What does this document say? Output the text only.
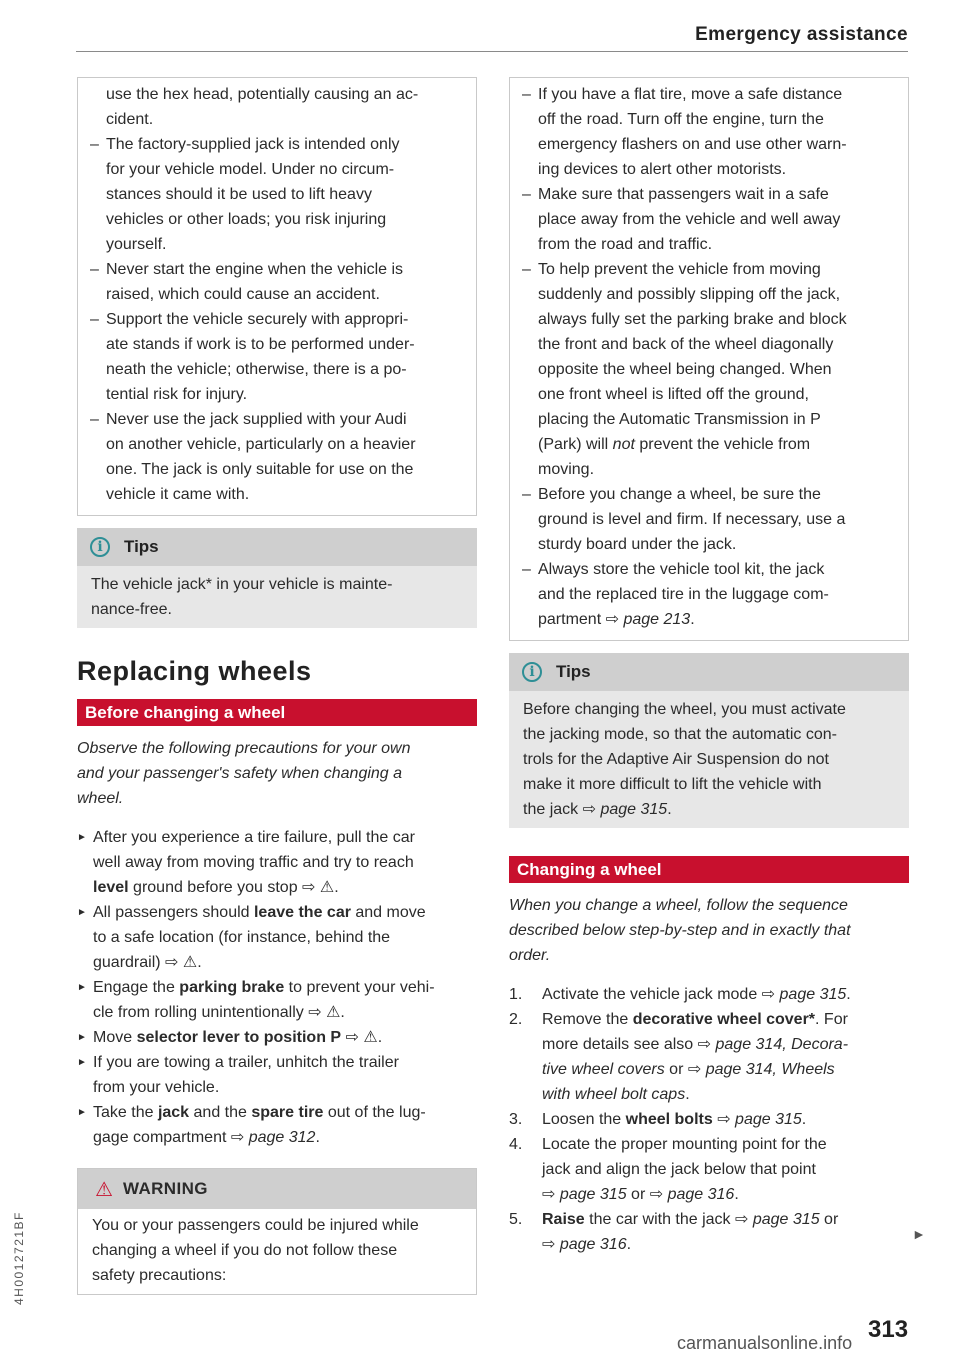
Emergency assistance
use the hex head, potentially causing an ac-
cident.
– The factory-supplied jack is intended only
for your vehicle model. Under no circum-
stances should it be used to lift heavy
vehicles or other loads; you risk injuring
yourself.
– Never start the engine when the vehicle is
raised, which could cause an accident.
– Support the vehicle securely with appropri-
ate stands if work is to be performed under-
neath the vehicle; otherwise, there is a po-
tential risk for injury.
– Never use the jack supplied with your Audi
on another vehicle, particularly on a heavier
one. The jack is only suitable for use on the
vehicle it came with.
i	Tips
The vehicle jack* in your vehicle is mainte-
nance-free.
Replacing wheels
Before changing a wheel
Observe the following precautions for your own
and your passenger's safety when changing a
wheel.
► After you experience a tire failure, pull the car
well away from moving traffic and try to reach
level ground before you stop ⇨ ⚠.
► All passengers should leave the car and move
to a safe location (for instance, behind the
guardrail) ⇨ ⚠.
► Engage the parking brake to prevent your vehi-
cle from rolling unintentionally ⇨ ⚠.
► Move selector lever to position P ⇨ ⚠.
► If you are towing a trailer, unhitch the trailer
from your vehicle.
► Take the jack and the spare tire out of the lug-
gage compartment ⇨ page 312.
⚠ WARNING
You or your passengers could be injured while
changing a wheel if you do not follow these
safety precautions:
– If you have a flat tire, move a safe distance
off the road. Turn off the engine, turn the
emergency flashers on and use other warn-
ing devices to alert other motorists.
– Make sure that passengers wait in a safe
place away from the vehicle and well away
from the road and traffic.
– To help prevent the vehicle from moving
suddenly and possibly slipping off the jack,
always fully set the parking brake and block
the front and back of the wheel diagonally
opposite the wheel being changed. When
one front wheel is lifted off the ground,
placing the Automatic Transmission in P
(Park) will not prevent the vehicle from
moving.
– Before you change a wheel, be sure the
ground is level and firm. If necessary, use a
sturdy board under the jack.
– Always store the vehicle tool kit, the jack
and the replaced tire in the luggage com-
partment ⇨ page 213.
i	Tips
Before changing the wheel, you must activate
the jacking mode, so that the automatic con-
trols for the Adaptive Air Suspension do not
make it more difficult to lift the vehicle with
the jack ⇨ page 315.
Changing a wheel
When you change a wheel, follow the sequence
described below step-by-step and in exactly that
order.
1. Activate the vehicle jack mode ⇨ page 315.
2. Remove the decorative wheel cover*. For
more details see also ⇨ page 314, Decora-
tive wheel covers or ⇨ page 314, Wheels
with wheel bolt caps.
3. Loosen the wheel bolts ⇨ page 315.
4. Locate the proper mounting point for the
jack and align the jack below that point
⇨ page 315 or ⇨ page 316.
5. Raise the car with the jack ⇨ page 315 or
⇨ page 316.
►
313
4H0012721BF
carmanualsonline.info
